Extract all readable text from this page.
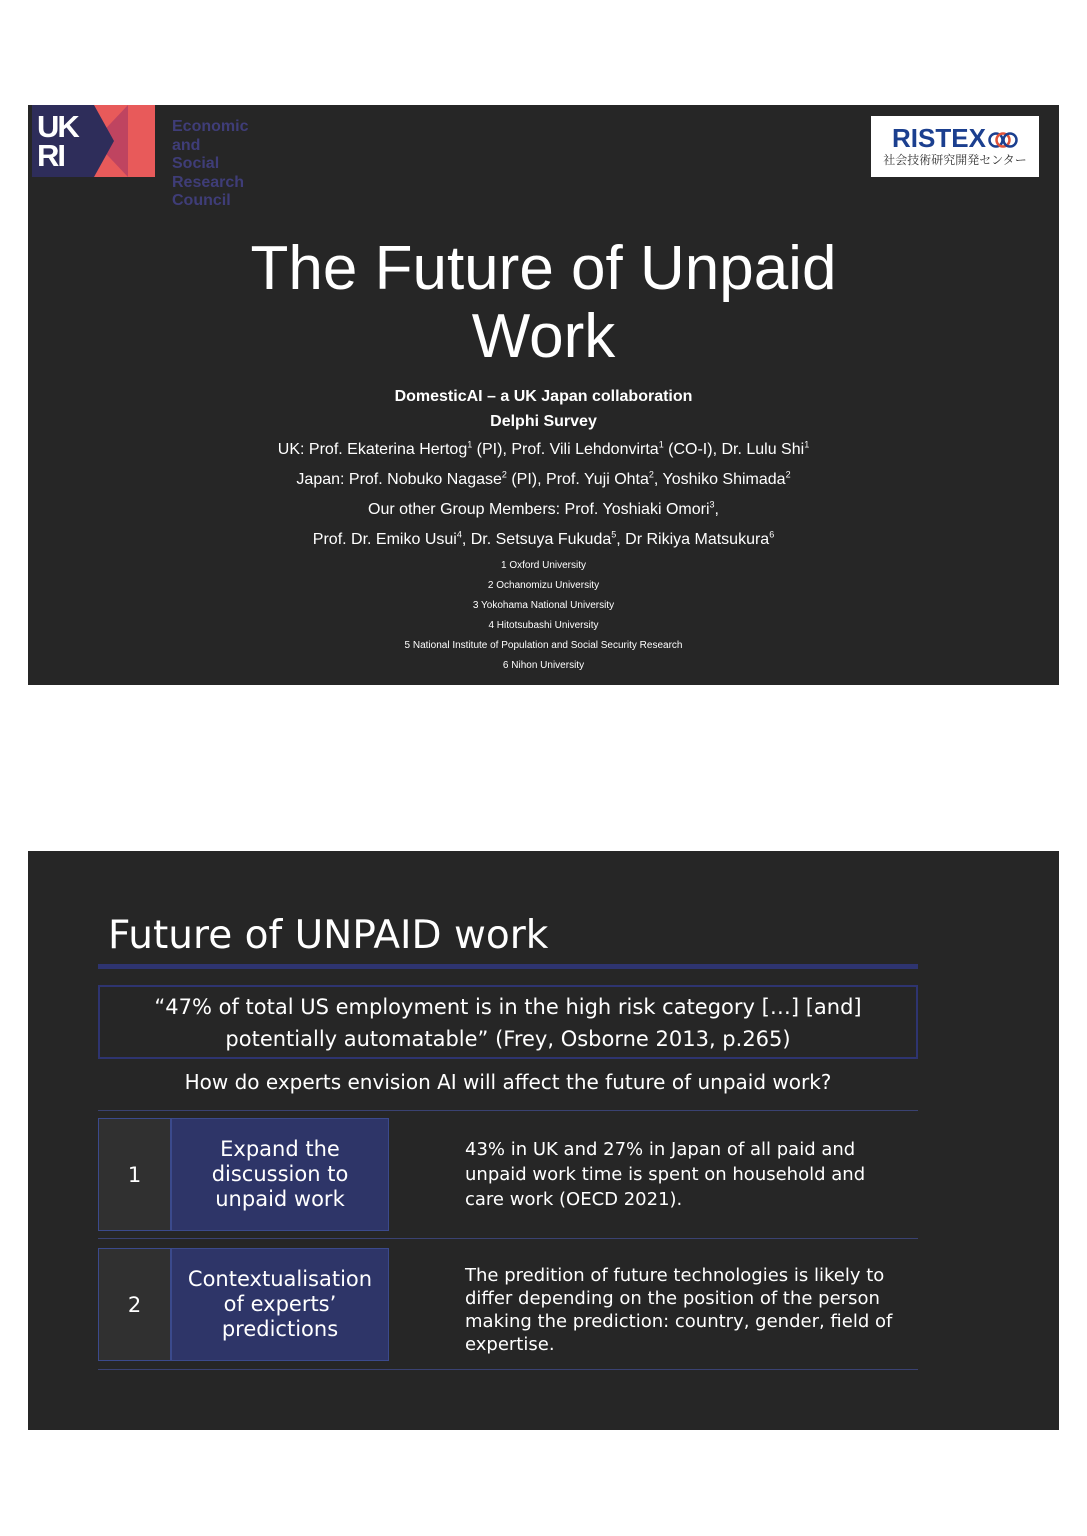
UK
RI
Economic
and Social
Research Council
RISTEX
社会技術研究開発センター
The Future of Unpaid
Work
DomesticAI – a UK Japan collaboration
Delphi Survey
UK: Prof. Ekaterina Hertog$^1$ (PI), Prof. Vili Lehdonvirta$^1$ (CO-I), Dr. Lulu Shi$^1$
Japan: Prof. Nobuko Nagase$^2$ (PI), Prof. Yuji Ohta$^2$, Yoshiko Shimada$^2$
Our other Group Members: Prof. Yoshiaki Omori$^3$,
Prof. Dr. Emiko Usui$^4$, Dr. Setsuya Fukuda$^5$, Dr Rikiya Matsukura$^6$
1 Oxford University
2 Ochanomizu University
3 Yokohama National University
4 Hitotsubashi University
5 National Institute of Population and Social Security Research
6 Nihon University
Future of UNPAID work
“47% of total US employment is in the high risk category […] [and]
potentially automatable” (Frey, Osborne 2013, p.265)
How do experts envision AI will affect the future of unpaid work?
1
Expand the discussion to unpaid work
43% in UK and 27% in Japan of all paid and unpaid work time is spent on household and care work (OECD 2021).
2
Contextualisation of experts’ predictions
The predition of future technologies is likely to differ depending on the position of the person making the prediction: country, gender, field of expertise.
